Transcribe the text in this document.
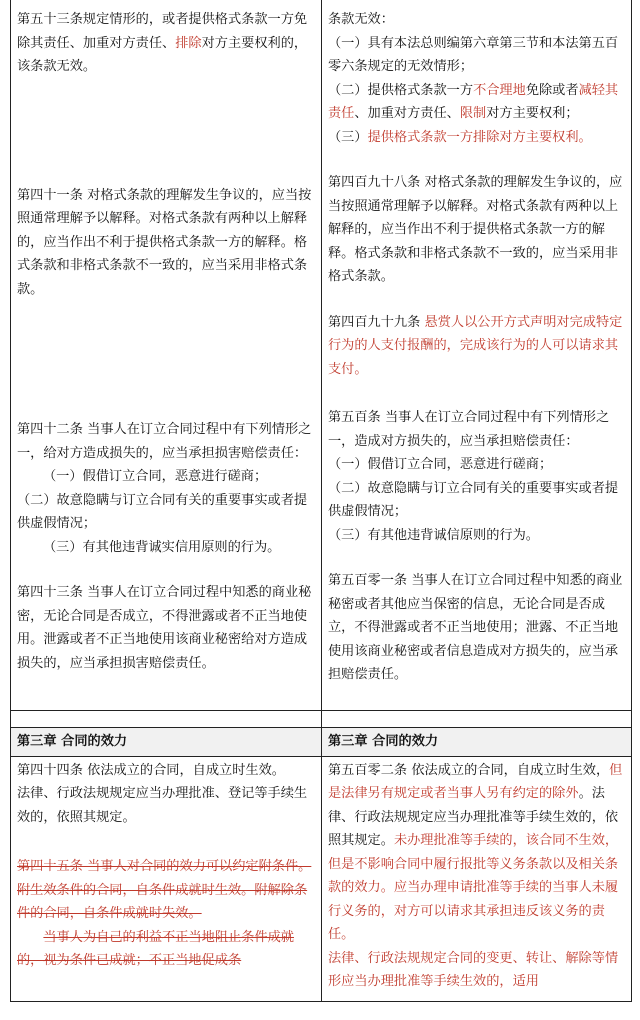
第五十三条规定情形的，或者提供格式条款一方免除其责任、加重对方责任、排除对方主要权利的，该条款无效。

第四十一条 对格式条款的理解发生争议的，应当按照通常理解予以解释。对格式条款有两种以上解释的，应当作出不利于提供格式条款一方的解释。格式条款和非格式条款不一致的，应当采用非格式条款。

第四十二条 当事人在订立合同过程中有下列情形之一，给对方造成损失的，应当承担损害赔偿责任：

（一）假借订立合同，恶意进行磋商；

（二）故意隐瞒与订立合同有关的重要事实或者提供虚假情况；

（三）有其他违背诚实信用原则的行为。

第四十三条 当事人在订立合同过程中知悉的商业秘密，无论合同是否成立，不得泄露或者不正当地使用。泄露或者不正当地使用该商业秘密给对方造成损失的，应当承担损害赔偿责任。

条款无效：

（一）具有本法总则编第六章第三节和本法第五百零六条规定的无效情形；

（二）提供格式条款一方不合理地免除或者减轻其责任、加重对方责任、限制对方主要权利；

（三）提供格式条款一方排除对方主要权利。

第四百九十八条 对格式条款的理解发生争议的，应当按照通常理解予以解释。对格式条款有两种以上解释的，应当作出不利于提供格式条款一方的解释。格式条款和非格式条款不一致的，应当采用非格式条款。

第四百九十九条 悬赏人以公开方式声明对完成特定行为的人支付报酬的，完成该行为的人可以请求其支付。

第五百条 当事人在订立合同过程中有下列情形之一，造成对方损失的，应当承担赔偿责任：

（一）假借订立合同，恶意进行磋商；

（二）故意隐瞒与订立合同有关的重要事实或者提供虚假情况；

（三）有其他违背诚信原则的行为。

第五百零一条 当事人在订立合同过程中知悉的商业秘密或者其他应当保密的信息，无论合同是否成立，不得泄露或者不正当地使用；泄露、不正当地使用该商业秘密或者信息造成对方损失的，应当承担赔偿责任。

第三章 合同的效力	第三章 合同的效力

第四十四条 依法成立的合同，自成立时生效。

法律、行政法规规定应当办理批准、登记等手续生效的，依照其规定。

第四十五条 当事人对合同的效力可以约定附条件。附生效条件的合同，自条件成就时生效。附解除条件的合同，自条件成就时失效。

当事人为自己的利益不正当地阻止条件成就的，视为条件已成就；不正当地促成条

第五百零二条 依法成立的合同，自成立时生效，但是法律另有规定或者当事人另有约定的除外。法律、行政法规规定应当办理批准等手续生效的，依照其规定。未办理批准等手续的，该合同不生效，但是不影响合同中履行报批等义务条款以及相关条款的效力。应当办理申请批准等手续的当事人未履行义务的，对方可以请求其承担违反该义务的责任。

法律、行政法规规定合同的变更、转让、解除等情形应当办理批准等手续生效的，适用
